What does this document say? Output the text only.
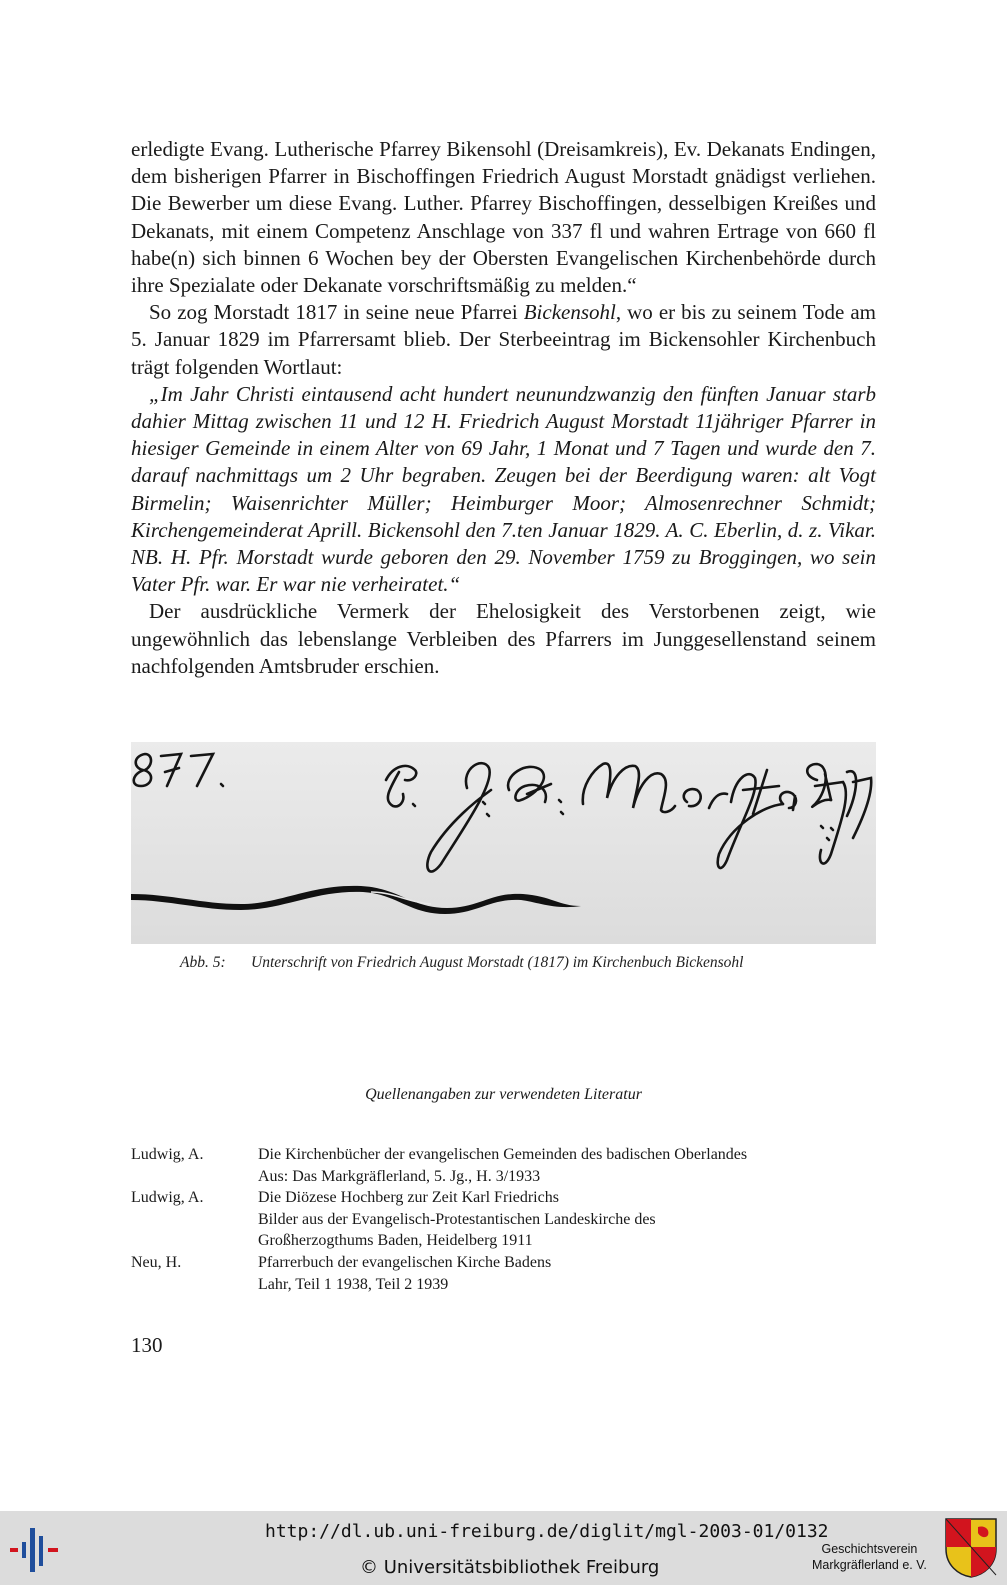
erledigte Evang. Lutherische Pfarrey Bikensohl (Dreisamkreis), Ev. Dekanats Endingen, dem bisherigen Pfarrer in Bischoffingen Friedrich August Morstadt gnädigst verliehen. Die Bewerber um diese Evang. Luther. Pfarrey Bischoffingen, desselbigen Kreißes und Dekanats, mit einem Competenz Anschlage von 337 fl und wahren Ertrage von 660 fl habe(n) sich binnen 6 Wochen bey der Obersten Evangelischen Kirchenbehörde durch ihre Spezialate oder Dekanate vorschriftsmäßig zu melden.“

So zog Morstadt 1817 in seine neue Pfarrei Bickensohl, wo er bis zu seinem Tode am 5. Januar 1829 im Pfarrersamt blieb. Der Sterbeeintrag im Bickensohler Kirchenbuch trägt folgenden Wortlaut:

„Im Jahr Christi eintausend acht hundert neunundzwanzig den fünften Januar starb dahier Mittag zwischen 11 und 12 H. Friedrich August Morstadt 11jähriger Pfarrer in hiesiger Gemeinde in einem Alter von 69 Jahr, 1 Monat und 7 Tagen und wurde den 7. darauf nachmittags um 2 Uhr begraben. Zeugen bei der Beerdigung waren: alt Vogt Birmelin; Waisenrichter Müller; Heimburger Moor; Almosenrechner Schmidt; Kirchengemeinderat Aprill. Bickensohl den 7.ten Januar 1829. A. C. Eberlin, d. z. Vikar. NB. H. Pfr. Morstadt wurde geboren den 29. November 1759 zu Broggingen, wo sein Vater Pfr. war. Er war nie verheiratet.“

Der ausdrückliche Vermerk der Ehelosigkeit des Verstorbenen zeigt, wie ungewöhnlich das lebenslange Verbleiben des Pfarrers im Junggesellenstand seinem nachfolgenden Amtsbruder erschien.

Abb. 5: Unterschrift von Friedrich August Morstadt (1817) im Kirchenbuch Bickensohl
Quellenangaben zur verwendeten Literatur
Ludwig, A.	Die Kirchenbücher der evangelischen Gemeinden des badischen Oberlandes
Aus: Das Markgräflerland, 5. Jg., H. 3/1933
Ludwig, A.	Die Diözese Hochberg zur Zeit Karl Friedrichs
Bilder aus der Evangelisch-Protestantischen Landeskirche des
Großherzogthums Baden, Heidelberg 1911
Neu, H.	Pfarrerbuch der evangelischen Kirche Badens
Lahr, Teil 1 1938, Teil 2 1939
130
http://dl.ub.uni-freiburg.de/diglit/mgl-2003-01/0132
© Universitätsbibliothek Freiburg
Geschichtsverein
Markgräflerland e. V.
